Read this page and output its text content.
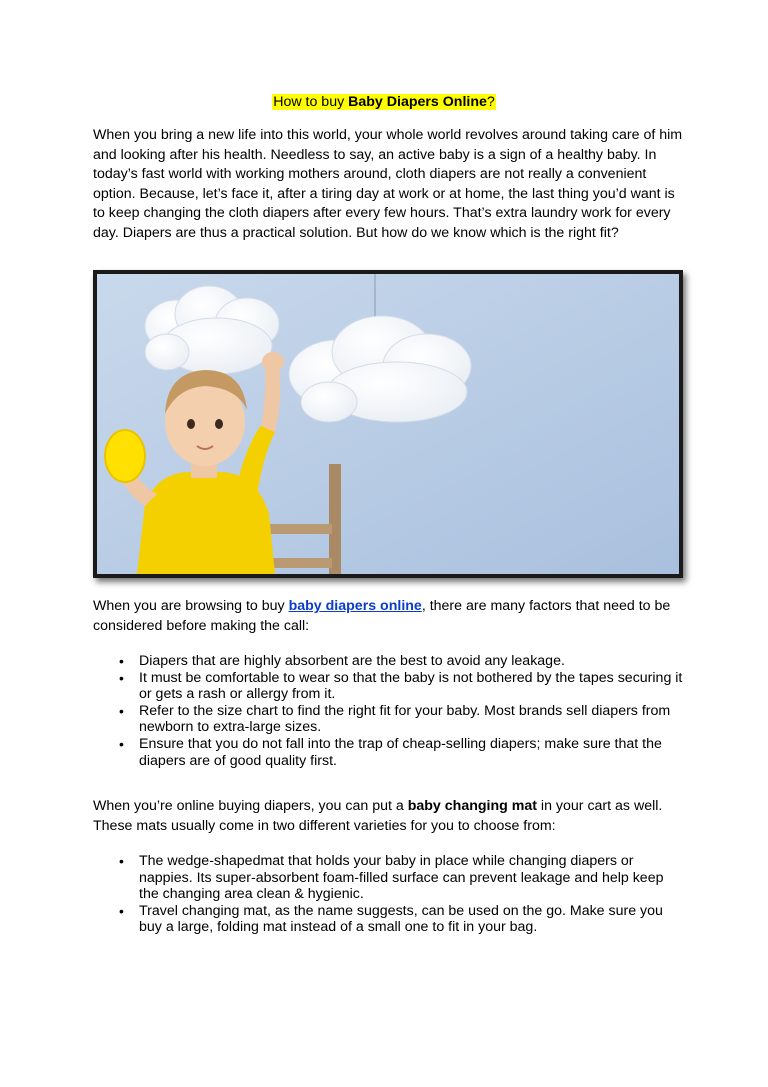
How to buy Baby Diapers Online?

When you bring a new life into this world, your whole world revolves around taking care of him and looking after his health. Needless to say, an active baby is a sign of a healthy baby. In today’s fast world with working mothers around, cloth diapers are not really a convenient option. Because, let’s face it, after a tiring day at work or at home, the last thing you’d want is to keep changing the cloth diapers after every few hours. That’s extra laundry work for every day. Diapers are thus a practical solution. But how do we know which is the right fit?

When you are browsing to buy baby diapers online, there are many factors that need to be considered before making the call:

• Diapers that are highly absorbent are the best to avoid any leakage.
• It must be comfortable to wear so that the baby is not bothered by the tapes securing it or gets a rash or allergy from it.
• Refer to the size chart to find the right fit for your baby. Most brands sell diapers from newborn to extra-large sizes.
• Ensure that you do not fall into the trap of cheap-selling diapers; make sure that the diapers are of good quality first.

When you’re online buying diapers, you can put a baby changing mat in your cart as well. These mats usually come in two different varieties for you to choose from:

• The wedge-shapedmat that holds your baby in place while changing diapers or nappies. Its super-absorbent foam-filled surface can prevent leakage and help keep the changing area clean & hygienic.
• Travel changing mat, as the name suggests, can be used on the go. Make sure you buy a large, folding mat instead of a small one to fit in your bag.
